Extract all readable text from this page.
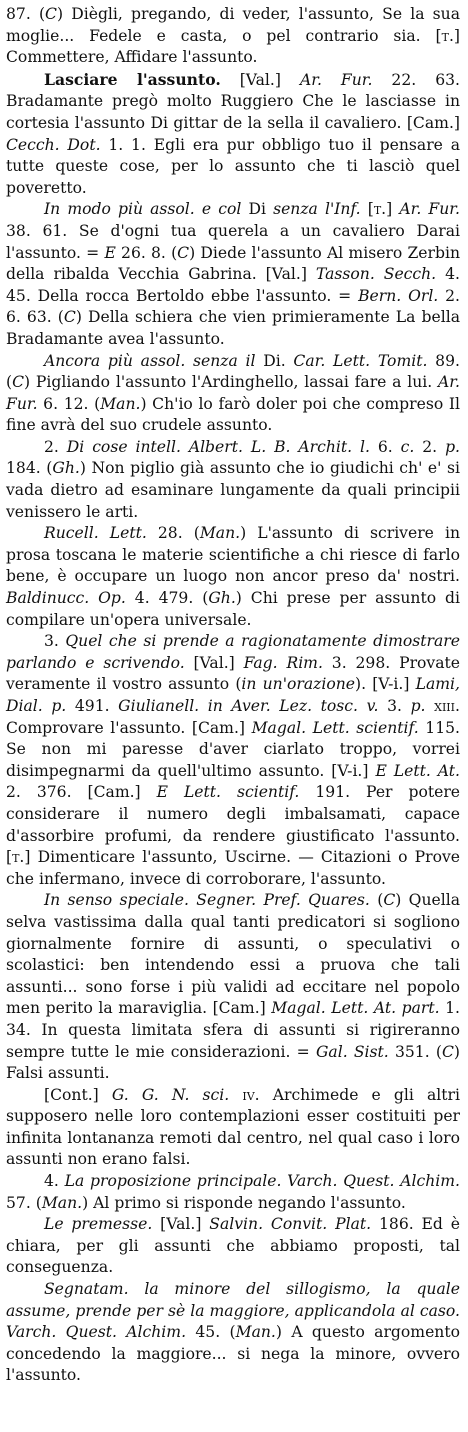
87. (C) Diègli, pregando, di veder, l'assunto, Se la sua moglie... Fedele e casta, o pel contrario sia. [t.] Commettere, Affidare l'assunto.

Lasciare l'assunto. [Val.] Ar. Fur. 22. 63. Bradamante pregò molto Ruggiero Che le lasciasse in cortesia l'assunto Di gittar de la sella il cavaliero. [Cam.] Cecch. Dot. 1. 1. Egli era pur obbligo tuo il pensare a tutte queste cose, per lo assunto che ti lasciò quel poveretto.

In modo più assol. e col Di senza l'Inf. [t.] Ar. Fur. 38. 61. Se d'ogni tua querela a un cavaliero Darai l'assunto. = E 26. 8. (C) Diede l'assunto Al misero Zerbin della ribalda Vecchia Gabrina. [Val.] Tasson. Secch. 4. 45. Della rocca Bertoldo ebbe l'assunto. = Bern. Orl. 2. 6. 63. (C) Della schiera che vien primieramente La bella Bradamante avea l'assunto.

Ancora più assol. senza il Di. Car. Lett. Tomit. 89. (C) Pigliando l'assunto l'Ardinghello, lassai fare a lui. Ar. Fur. 6. 12. (Man.) Ch'io lo farò doler poi che compreso Il fine avrà del suo crudele assunto.

2. Di cose intell. Albert. L. B. Archit. l. 6. c. 2. p. 184. (Gh.) Non piglio già assunto che io giudichi ch' e' si vada dietro ad esaminare lungamente da quali principii venissero le arti.

Rucell. Lett. 28. (Man.) L'assunto di scrivere in prosa toscana le materie scientifiche a chi riesce di farlo bene, è occupare un luogo non ancor preso da' nostri. Baldinucc. Op. 4. 479. (Gh.) Chi prese per assunto di compilare un'opera universale.

3. Quel che si prende a ragionatamente dimostrare parlando e scrivendo. [Val.] Fag. Rim. 3. 298. Provate veramente il vostro assunto (in un'orazione). [V-i.] Lami, Dial. p. 491. Giulianell. in Aver. Lez. tosc. v. 3. p. xiii. Comprovare l'assunto. [Cam.] Magal. Lett. scientif. 115. Se non mi paresse d'aver ciarlato troppo, vorrei disimpegnarmi da quell'ultimo assunto. [V-i.] E Lett. At. 2. 376. [Cam.] E Lett. scientif. 191. Per potere considerare il numero degli imbalsamati, capace d'assorbire profumi, da rendere giustificato l'assunto. [t.] Dimenticare l'assunto, Uscirne. — Citazioni o Prove che infermano, invece di corroborare, l'assunto.

In senso speciale. Segner. Pref. Quares. (C) Quella selva vastissima dalla qual tanti predicatori si sogliono giornalmente fornire di assunti, o speculativi o scolastici: ben intendendo essi a pruova che tali assunti... sono forse i più validi ad eccitare nel popolo men perito la maraviglia. [Cam.] Magal. Lett. At. part. 1. 34. In questa limitata sfera di assunti si rigireranno sempre tutte le mie considerazioni. = Gal. Sist. 351. (C) Falsi assunti.

[Cont.] G. G. N. sci. iv. Archimede e gli altri supposero nelle loro contemplazioni esser costituiti per infinita lontananza remoti dal centro, nel qual caso i loro assunti non erano falsi.

4. La proposizione principale. Varch. Quest. Alchim. 57. (Man.) Al primo si risponde negando l'assunto.

Le premesse. [Val.] Salvin. Convit. Plat. 186. Ed è chiara, per gli assunti che abbiamo proposti, tal conseguenza.

Segnatam. la minore del sillogismo, la quale assume, prende per sè la maggiore, applicandola al caso. Varch. Quest. Alchim. 45. (Man.) A questo argomento concedendo la maggiore... si nega la minore, ovvero l'assunto.
